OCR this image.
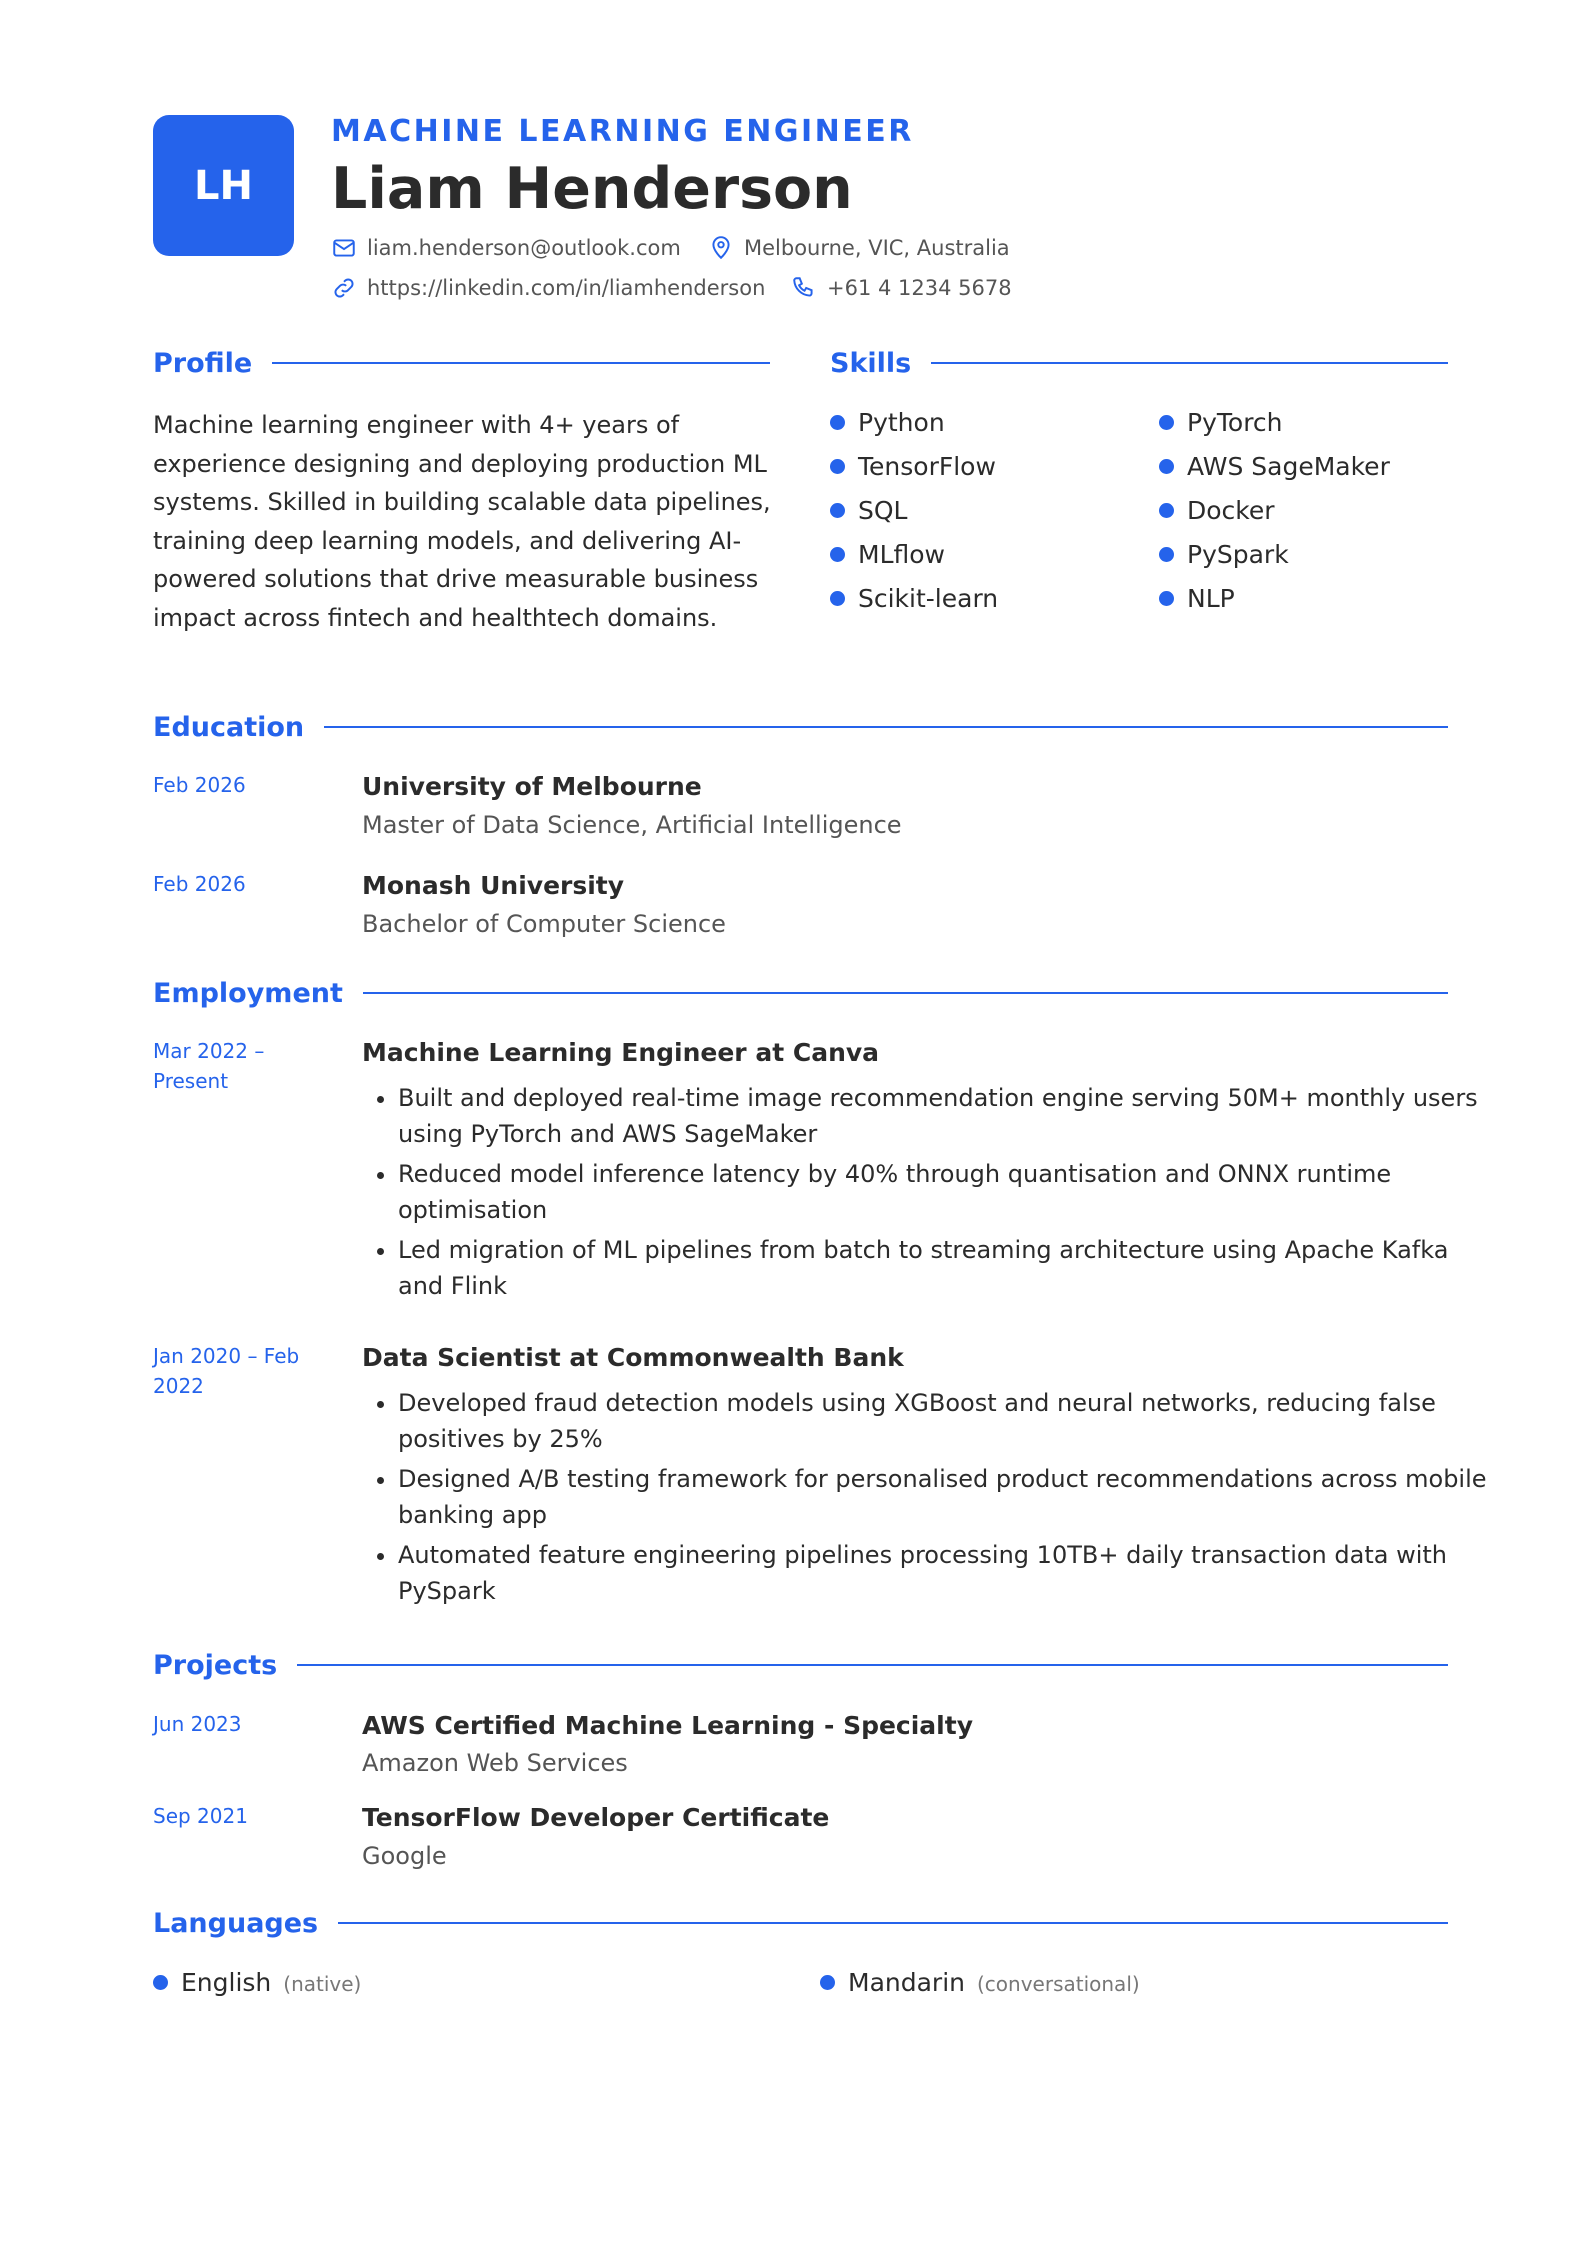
LH
MACHINE LEARNING ENGINEER
Liam Henderson
liam.henderson@outlook.com	Melbourne, VIC, Australia
https://linkedin.com/in/liamhenderson	+61 4 1234 5678
Profile
Machine learning engineer with 4+ years of experience designing and deploying production ML systems. Skilled in building scalable data pipelines, training deep learning models, and delivering AI-powered solutions that drive measurable business impact across fintech and healthtech domains.
Skills
Python	PyTorch
TensorFlow	AWS SageMaker
SQL	Docker
MLflow	PySpark
Scikit-learn	NLP
Education
Feb 2026	University of Melbourne
Master of Data Science, Artificial Intelligence
Feb 2026	Monash University
Bachelor of Computer Science
Employment
Mar 2022 – Present
Machine Learning Engineer at Canva
• Built and deployed real-time image recommendation engine serving 50M+ monthly users using PyTorch and AWS SageMaker
• Reduced model inference latency by 40% through quantisation and ONNX runtime optimisation
• Led migration of ML pipelines from batch to streaming architecture using Apache Kafka and Flink
Jan 2020 – Feb 2022
Data Scientist at Commonwealth Bank
• Developed fraud detection models using XGBoost and neural networks, reducing false positives by 25%
• Designed A/B testing framework for personalised product recommendations across mobile banking app
• Automated feature engineering pipelines processing 10TB+ daily transaction data with PySpark
Projects
Jun 2023	AWS Certified Machine Learning - Specialty
Amazon Web Services
Sep 2021	TensorFlow Developer Certificate
Google
Languages
English (native)	Mandarin (conversational)
